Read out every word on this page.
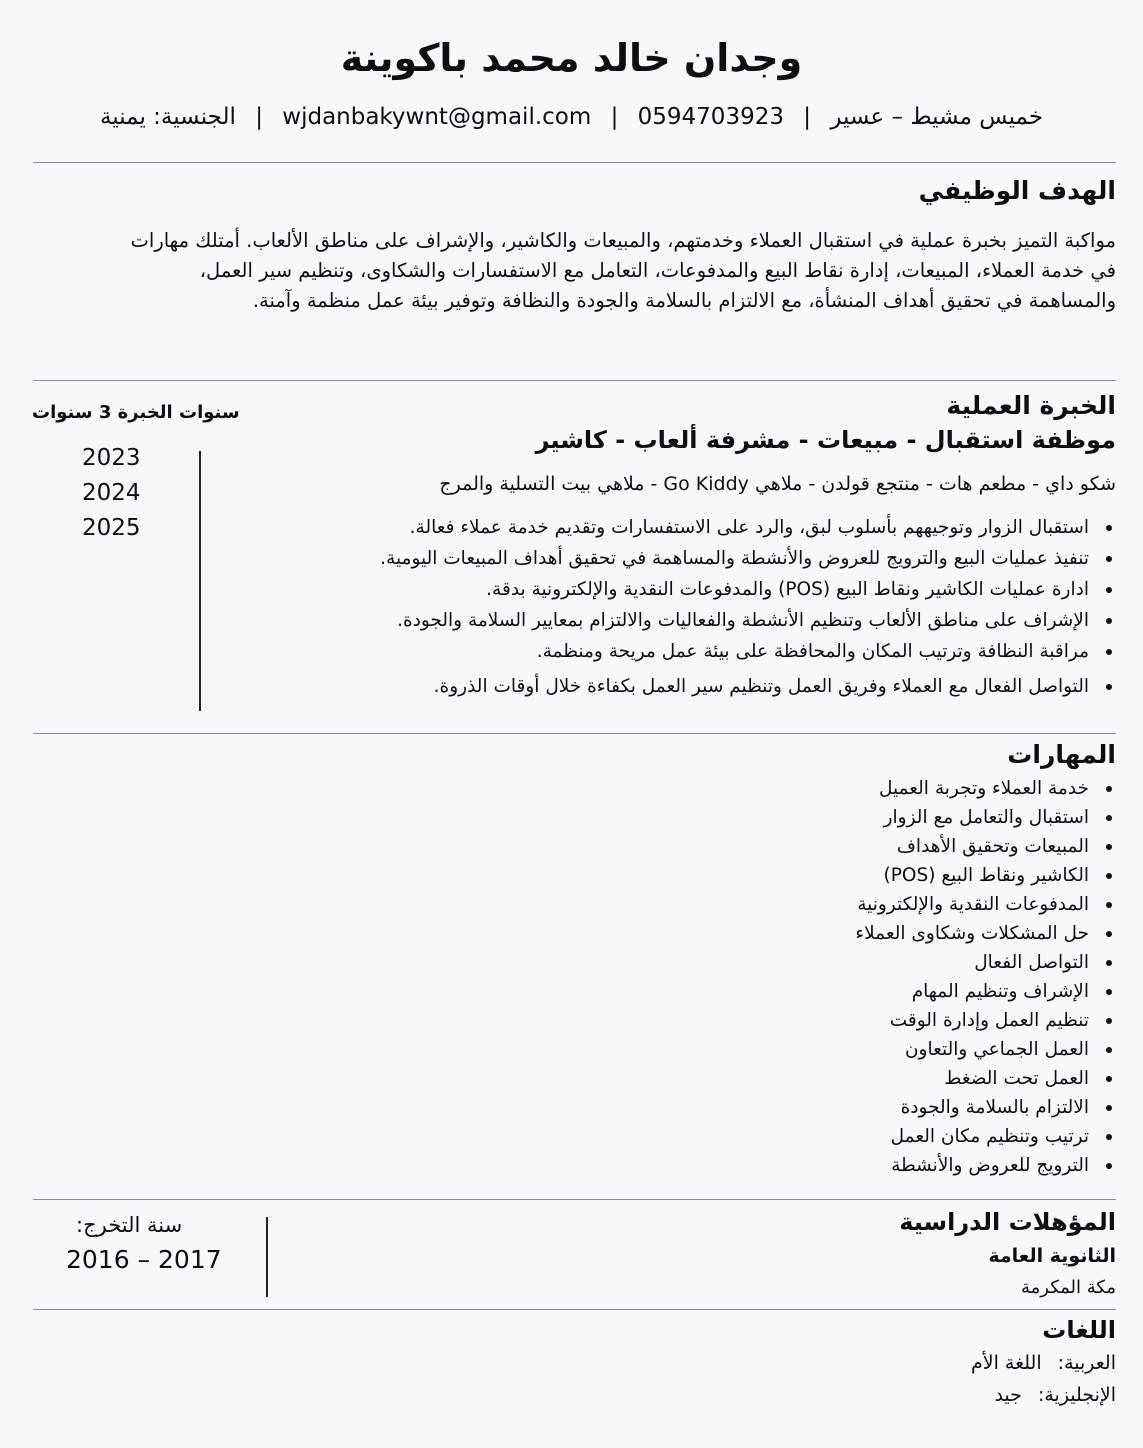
وجدان خالد محمد باكوينة
خميس مشيط – عسير | 0594703923 | wjdanbakywnt@gmail.com | الجنسية: يمنية
الهدف الوظيفي
مواكبة التميز بخبرة عملية في استقبال العملاء وخدمتهم، والمبيعات والكاشير، والإشراف على مناطق الألعاب. أمتلك مهارات في خدمة العملاء، المبيعات، إدارة نقاط البيع والمدفوعات، التعامل مع الاستفسارات والشكاوى، وتنظيم سير العمل، والمساهمة في تحقيق أهداف المنشأة، مع الالتزام بالسلامة والجودة والنظافة وتوفير بيئة عمل منظمة وآمنة.
الخبرة العملية
موظفة استقبال - مبيعات - مشرفة ألعاب - كاشير
شكو داي - مطعم هات - منتجع قولدن - ملاهي Go Kiddy - ملاهي بيت التسلية والمرج
استقبال الزوار وتوجيههم بأسلوب لبق، والرد على الاستفسارات وتقديم خدمة عملاء فعالة.
تنفيذ عمليات البيع والترويج للعروض والأنشطة والمساهمة في تحقيق أهداف المبيعات اليومية.
ادارة عمليات الكاشير ونقاط البيع (POS) والمدفوعات النقدية والإلكترونية بدقة.
الإشراف على مناطق الألعاب وتنظيم الأنشطة والفعاليات والالتزام بمعايير السلامة والجودة.
مراقبة النظافة وترتيب المكان والمحافظة على بيئة عمل مريحة ومنظمة.
التواصل الفعال مع العملاء وفريق العمل وتنظيم سير العمل بكفاءة خلال أوقات الذروة.
سنوات الخبرة 3 سنوات
2023
2024
2025
المهارات
خدمة العملاء وتجربة العميل
استقبال والتعامل مع الزوار
المبيعات وتحقيق الأهداف
الكاشير ونقاط البيع (POS)
المدفوعات النقدية والإلكترونية
حل المشكلات وشكاوى العملاء
التواصل الفعال
الإشراف وتنظيم المهام
تنظيم العمل وإدارة الوقت
العمل الجماعي والتعاون
العمل تحت الضغط
الالتزام بالسلامة والجودة
ترتيب وتنظيم مكان العمل
الترويج للعروض والأنشطة
المؤهلات الدراسية
الثانوية العامة
مكة المكرمة
سنة التخرج:
2017 – 2016
اللغات
العربية: اللغة الأم
الإنجليزية: جيد
